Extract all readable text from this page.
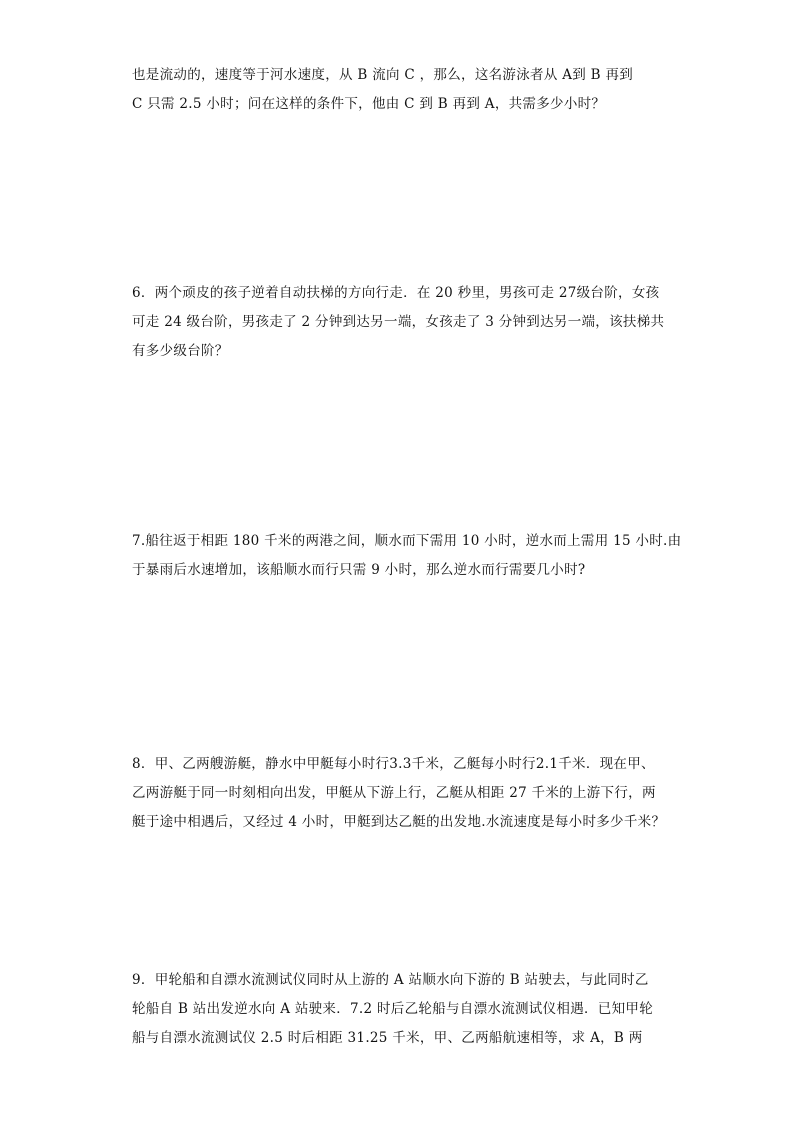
也是流动的，速度等于河水速度，从 B 流向 C ，那么，这名游泳者从 A到 B 再到
C 只需 2.5 小时；问在这样的条件下，他由 C 到 B 再到 A，共需多少小时？
6．两个顽皮的孩子逆着自动扶梯的方向行走．在 20 秒里，男孩可走 27级台阶，女孩
可走 24 级台阶，男孩走了 2 分钟到达另一端，女孩走了 3 分钟到达另一端，该扶梯共
有多少级台阶？
7.船往返于相距 180 千米的两港之间，顺水而下需用 10 小时，逆水而上需用 15 小时.由
于暴雨后水速增加，该船顺水而行只需 9 小时，那么逆水而行需要几小时?
8．甲、乙两艘游艇，静水中甲艇每小时行3.3千米，乙艇每小时行2.1千米．现在甲、
乙两游艇于同一时刻相向出发，甲艇从下游上行，乙艇从相距 27 千米的上游下行，两
艇于途中相遇后，又经过 4 小时，甲艇到达乙艇的出发地.水流速度是每小时多少千米？
9．甲轮船和自漂水流测试仪同时从上游的 A 站顺水向下游的 B 站驶去，与此同时乙
轮船自 B 站出发逆水向 A 站驶来．7.2 时后乙轮船与自漂水流测试仪相遇．已知甲轮
船与自漂水流测试仪 2.5 时后相距 31.25 千米，甲、乙两船航速相等，求 A，B 两
